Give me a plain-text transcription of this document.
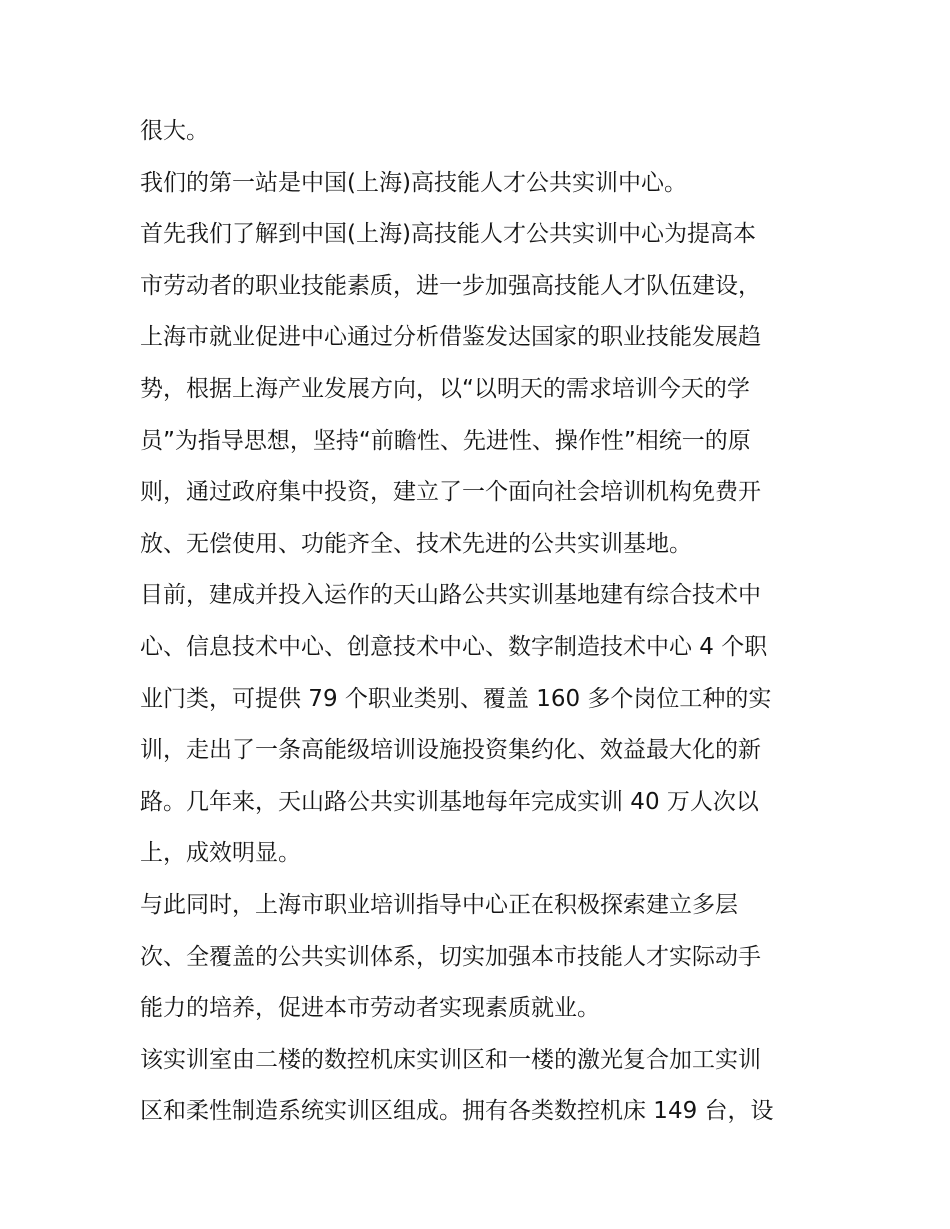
很大。
我们的第一站是中国(上海)高技能人才公共实训中心。
首先我们了解到中国(上海)高技能人才公共实训中心为提高本
市劳动者的职业技能素质，进一步加强高技能人才队伍建设，
上海市就业促进中心通过分析借鉴发达国家的职业技能发展趋
势，根据上海产业发展方向，以“以明天的需求培训今天的学
员”为指导思想，坚持“前瞻性、先进性、操作性”相统一的原
则，通过政府集中投资，建立了一个面向社会培训机构免费开
放、无偿使用、功能齐全、技术先进的公共实训基地。
目前，建成并投入运作的天山路公共实训基地建有综合技术中
心、信息技术中心、创意技术中心、数字制造技术中心 4 个职
业门类，可提供 79 个职业类别、覆盖 160 多个岗位工种的实
训，走出了一条高能级培训设施投资集约化、效益最大化的新
路。几年来，天山路公共实训基地每年完成实训 40 万人次以
上，成效明显。
与此同时，上海市职业培训指导中心正在积极探索建立多层
次、全覆盖的公共实训体系，切实加强本市技能人才实际动手
能力的培养，促进本市劳动者实现素质就业。
该实训室由二楼的数控机床实训区和一楼的激光复合加工实训
区和柔性制造系统实训区组成。拥有各类数控机床 149 台，设
